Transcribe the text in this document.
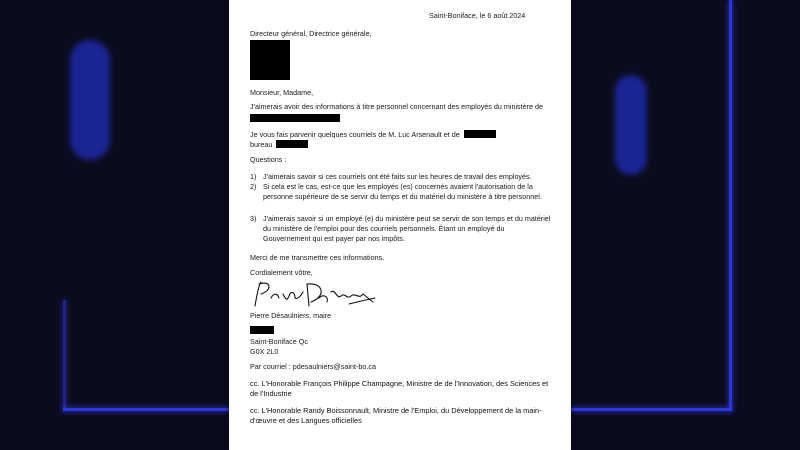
Saint-Boniface, le 6 août 2024
Directeur général, Directrice générale,
Monsieur, Madame,
J'aimerais avoir des informations à titre personnel concernant des employés du ministère de
Je vous fais parvenir quelques courriels de M. Luc Arsenault et de
bureau
Questions :
1) J'aimerais savoir si ces courriels ont été faits sur les heures de travail des employés.
2) Si cela est le cas, est-ce que les employés (es) concernés avaient l'autorisation de la personne supérieure de se servir du temps et du matériel du ministère à titre personnel.
3) J'aimerais savoir si un employé (e) du ministère peut se servir de son temps et du matériel du ministère de l'emploi pour des courriels personnels. Étant un employé du Gouvernement qui est payer par nos impôts.
Merci de me transmettre ces informations.
Cordialement vôtre,
Pierre Désaulniers, maire
Saint-Boniface Qc
G0X 2L0
Par courriel : pdesaulniers@saint-bo.ca
cc. L'Honorable François Philippe Champagne, Ministre de de l'Innovation, des Sciences et
de l'Industrie
cc. L'Honorable Randy Boissonnault, Ministre de l'Emploi, du Développement de la main-
d'œuvre et des Langues officielles
